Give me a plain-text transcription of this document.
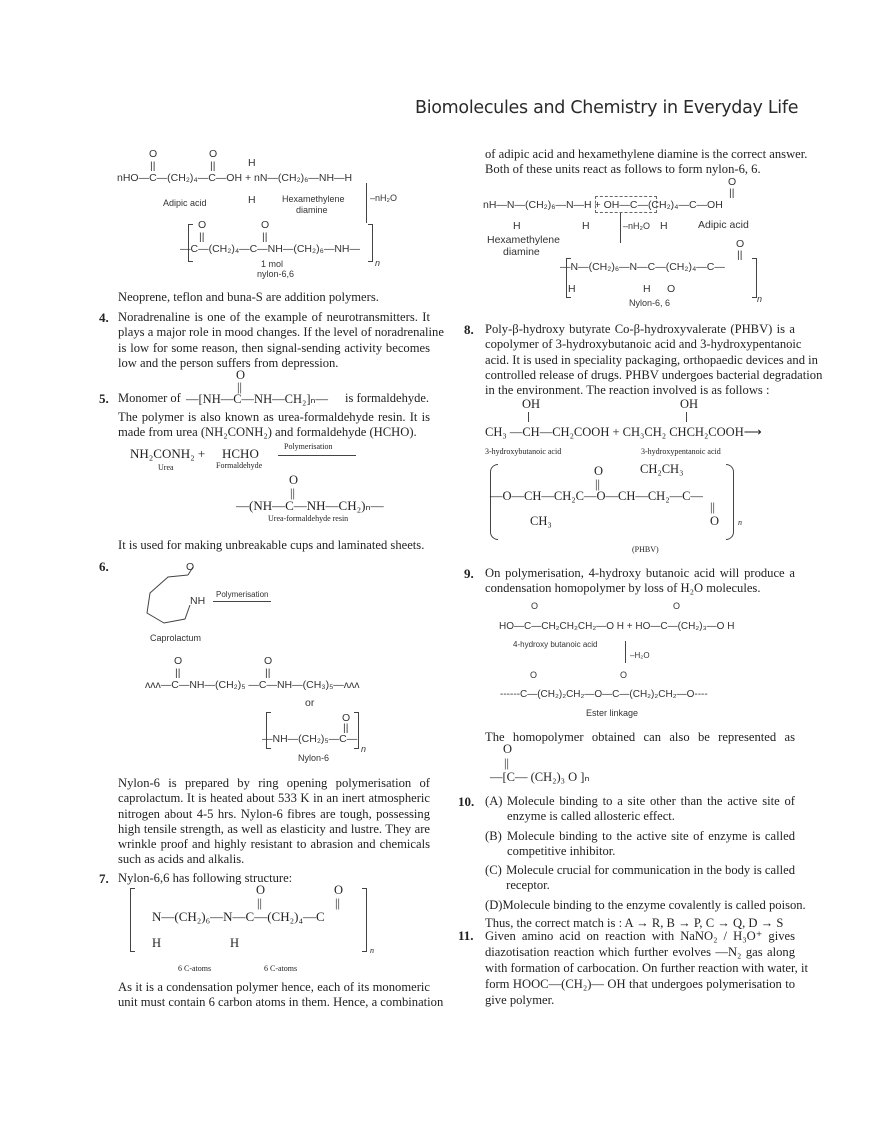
Biomolecules and Chemistry in Everyday Life
nHO—C—(CH₂)₄—C—OH + nN—(CH₂)₆—NH—H
O
||
O
||	H
H
Adipic acid	Hexamethylene
diamine
–nH₂O
O
||
O
||
—C—(CH₂)₄—C—NH—(CH₂)₆—NH—
n
1 mol
nylon-6,6
Neoprene, teflon and buna-S are addition polymers.
4. Noradrenaline is one of the example of neurotransmitters. It
plays a major role in mood changes. If the level of noradrenaline
is low for some reason, then signal-sending activity becomes
low and the person suffers from depression.
5. Monomer of
O
||
—[NH—C—NH—CH₂]ₙ— is formaldehyde.
The polymer is also known as urea-formaldehyde resin. It is
made from urea (NH₂CONH₂) and formaldehyde (HCHO).
NH₂CONH₂ +
Urea
HCHO
Formaldehyde
Polymerisation
O
||
—(NH—C—NH—CH₂)ₙ—
Urea-formaldehyde resin
It is used for making unbreakable cups and laminated sheets.
6.	O
NH
Polymerisation
Caprolactum
O
||
O
||
ʌʌʌ—C—NH—(CH₂)₅ —C—NH—(CH₃)₅—ʌʌʌ
or
O
||
—NH—(CH₂)₅—C—
n
Nylon-6
Nylon-6 is prepared by ring opening polymerisation of
caprolactum. It is heated about 533 K in an inert atmospheric
nitrogen about 4-5 hrs. Nylon-6 fibres are tough, possessing
high tensile strength, as well as elasticity and lustre. They are
wrinkle proof and highly resistant to abrasion and chemicals
such as acids and alkalis.
7. Nylon-6,6 has following structure:
O
||
O
||
N—(CH₂)₆—N—C—(CH₂)₄—C
H	H
n
6 C-atoms	6 C-atoms
As it is a condensation polymer hence, each of its monomeric
unit must contain 6 carbon atoms in them. Hence, a combination
of adipic acid and hexamethylene diamine is the correct answer.
Both of these units react as follows to form nylon-6, 6.
O
||
nH—N—(CH₂)₆—N—H + OH—C—(CH₂)₄—C—OH
H	H	H
–nH₂O	Adipic acid
Hexamethylene
diamine
O
||
—N—(CH₂)₆—N—C—(CH₂)₄—C—
H	H O
n
Nylon-6, 6
8. Poly-β-hydroxy butyrate Co-β-hydroxyvalerate (PHBV) is a
copolymer of 3-hydroxybutanoic acid and 3-hydroxypentanoic
acid. It is used in speciality packaging, orthopaedic devices and in
controlled release of drugs. PHBV undergoes bacterial degradation
in the environment. The reaction involved is as follows :
OH	OH
CH₃ —CH—CH₂COOH + CH₃CH₂ CHCH₂COOH⟶
3-hydroxybutanoic acid	3-hydroxypentanoic acid
CH₂CH₃
O
||
—O—CH—CH₂C—O—CH—CH₂—C—
CH₃
||
O n
(PHBV)
9. On polymerisation, 4-hydroxy butanoic acid will produce a
condensation homopolymer by loss of H₂O molecules.
O	O
HO—C—CH₂CH₂CH₂—O H + HO—C—(CH₂)₃—O H
4-hydroxy butanoic acid
–H₂O
O	O
------C—(CH₂)₂CH₂—O—C—(CH₂)₂CH₂—O----
Ester linkage
The homopolymer obtained can also be represented as
O
||
—[C— (CH₂)₃ O ]ₙ
10. (A) Molecule binding to a site other than the active site of
enzyme is called allosteric effect.
(B) Molecule binding to the active site of enzyme is called
competitive inhibitor.
(C) Molecule crucial for communication in the body is called
receptor.
(D) Molecule binding to the enzyme covalently is called poison.
Thus, the correct match is : A → R, B → P, C → Q, D → S
11. Given amino acid on reaction with NaNO₂ / H₃O⁺ gives
diazotisation reaction which further evolves —N₂ gas along
with formation of carbocation. On further reaction with water, it
form HOOC—(CH₂)— OH that undergoes polymerisation to
give polymer.
